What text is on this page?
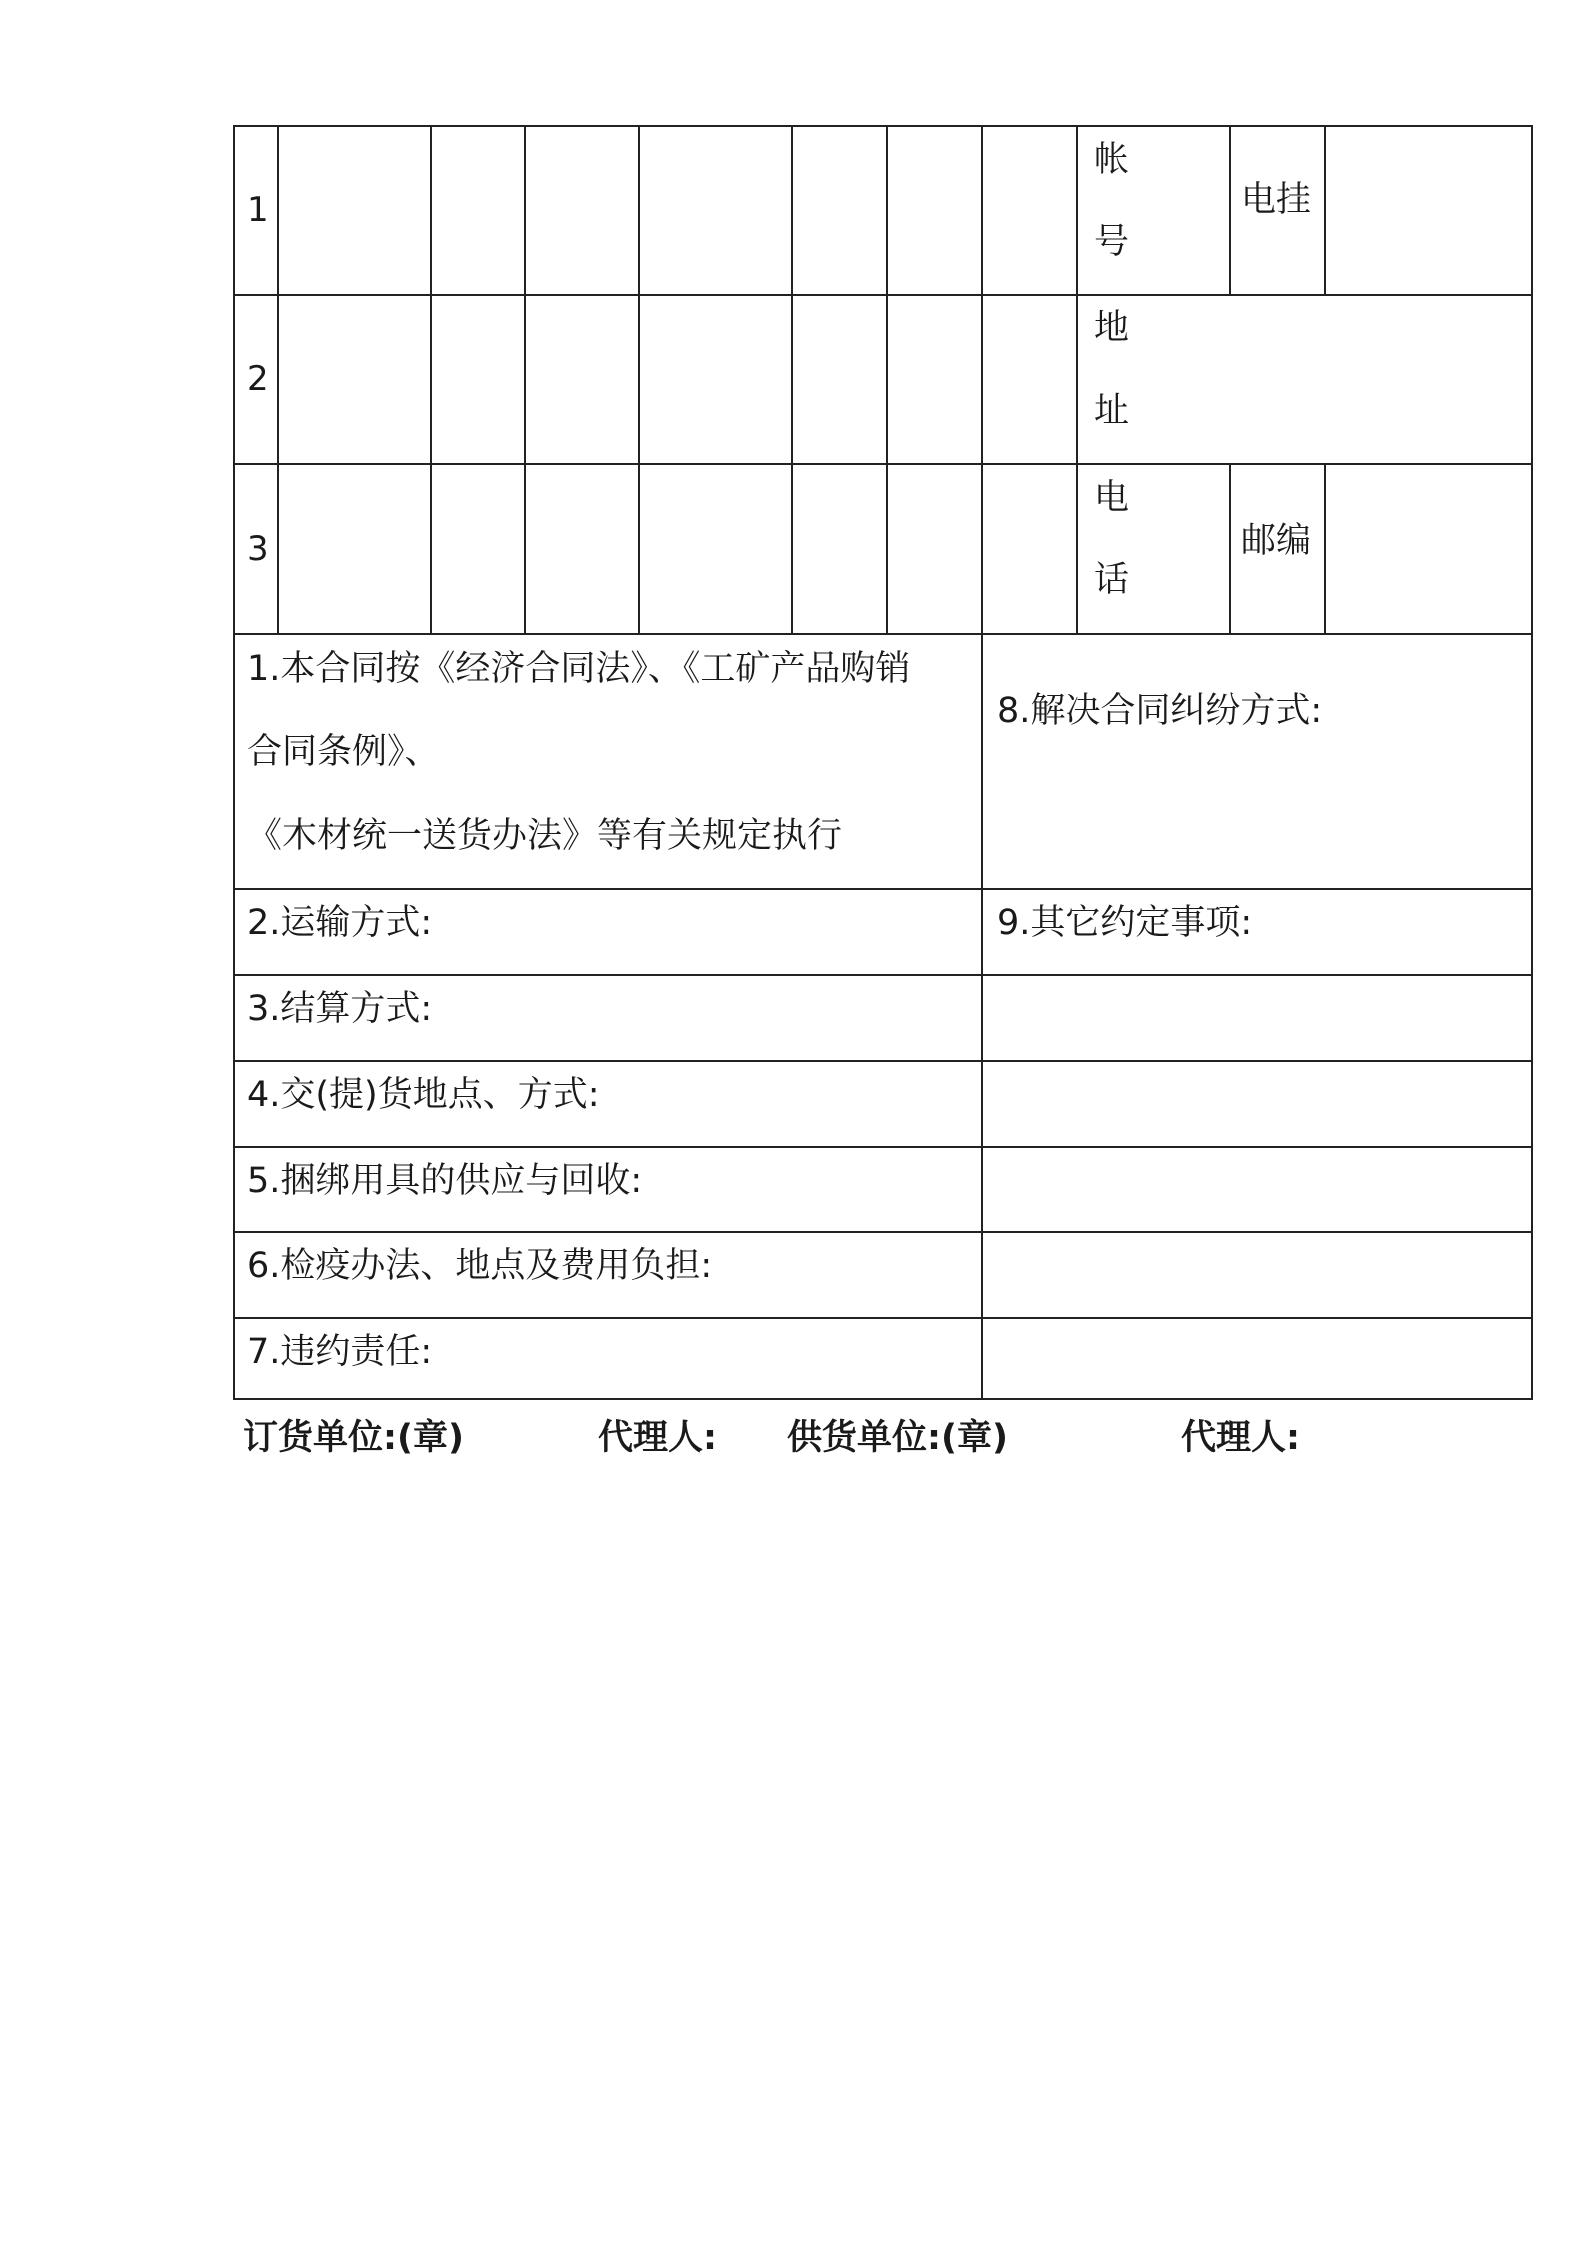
1
2
3
帐
号
地
址
电
话
电挂
邮编
1.本合同按《经济合同法》、《工矿产品购销
合同条例》、
《木材统一送货办法》等有关规定执行
2.运输方式:
3.结算方式:
4.交(提)货地点、方式:
5.捆绑用具的供应与回收:
6.检疫办法、地点及费用负担:
7.违约责任:
8.解决合同纠纷方式:
9.其它约定事项:
订货单位:(章)	代理人: 供货单位:(章)	代理人:
